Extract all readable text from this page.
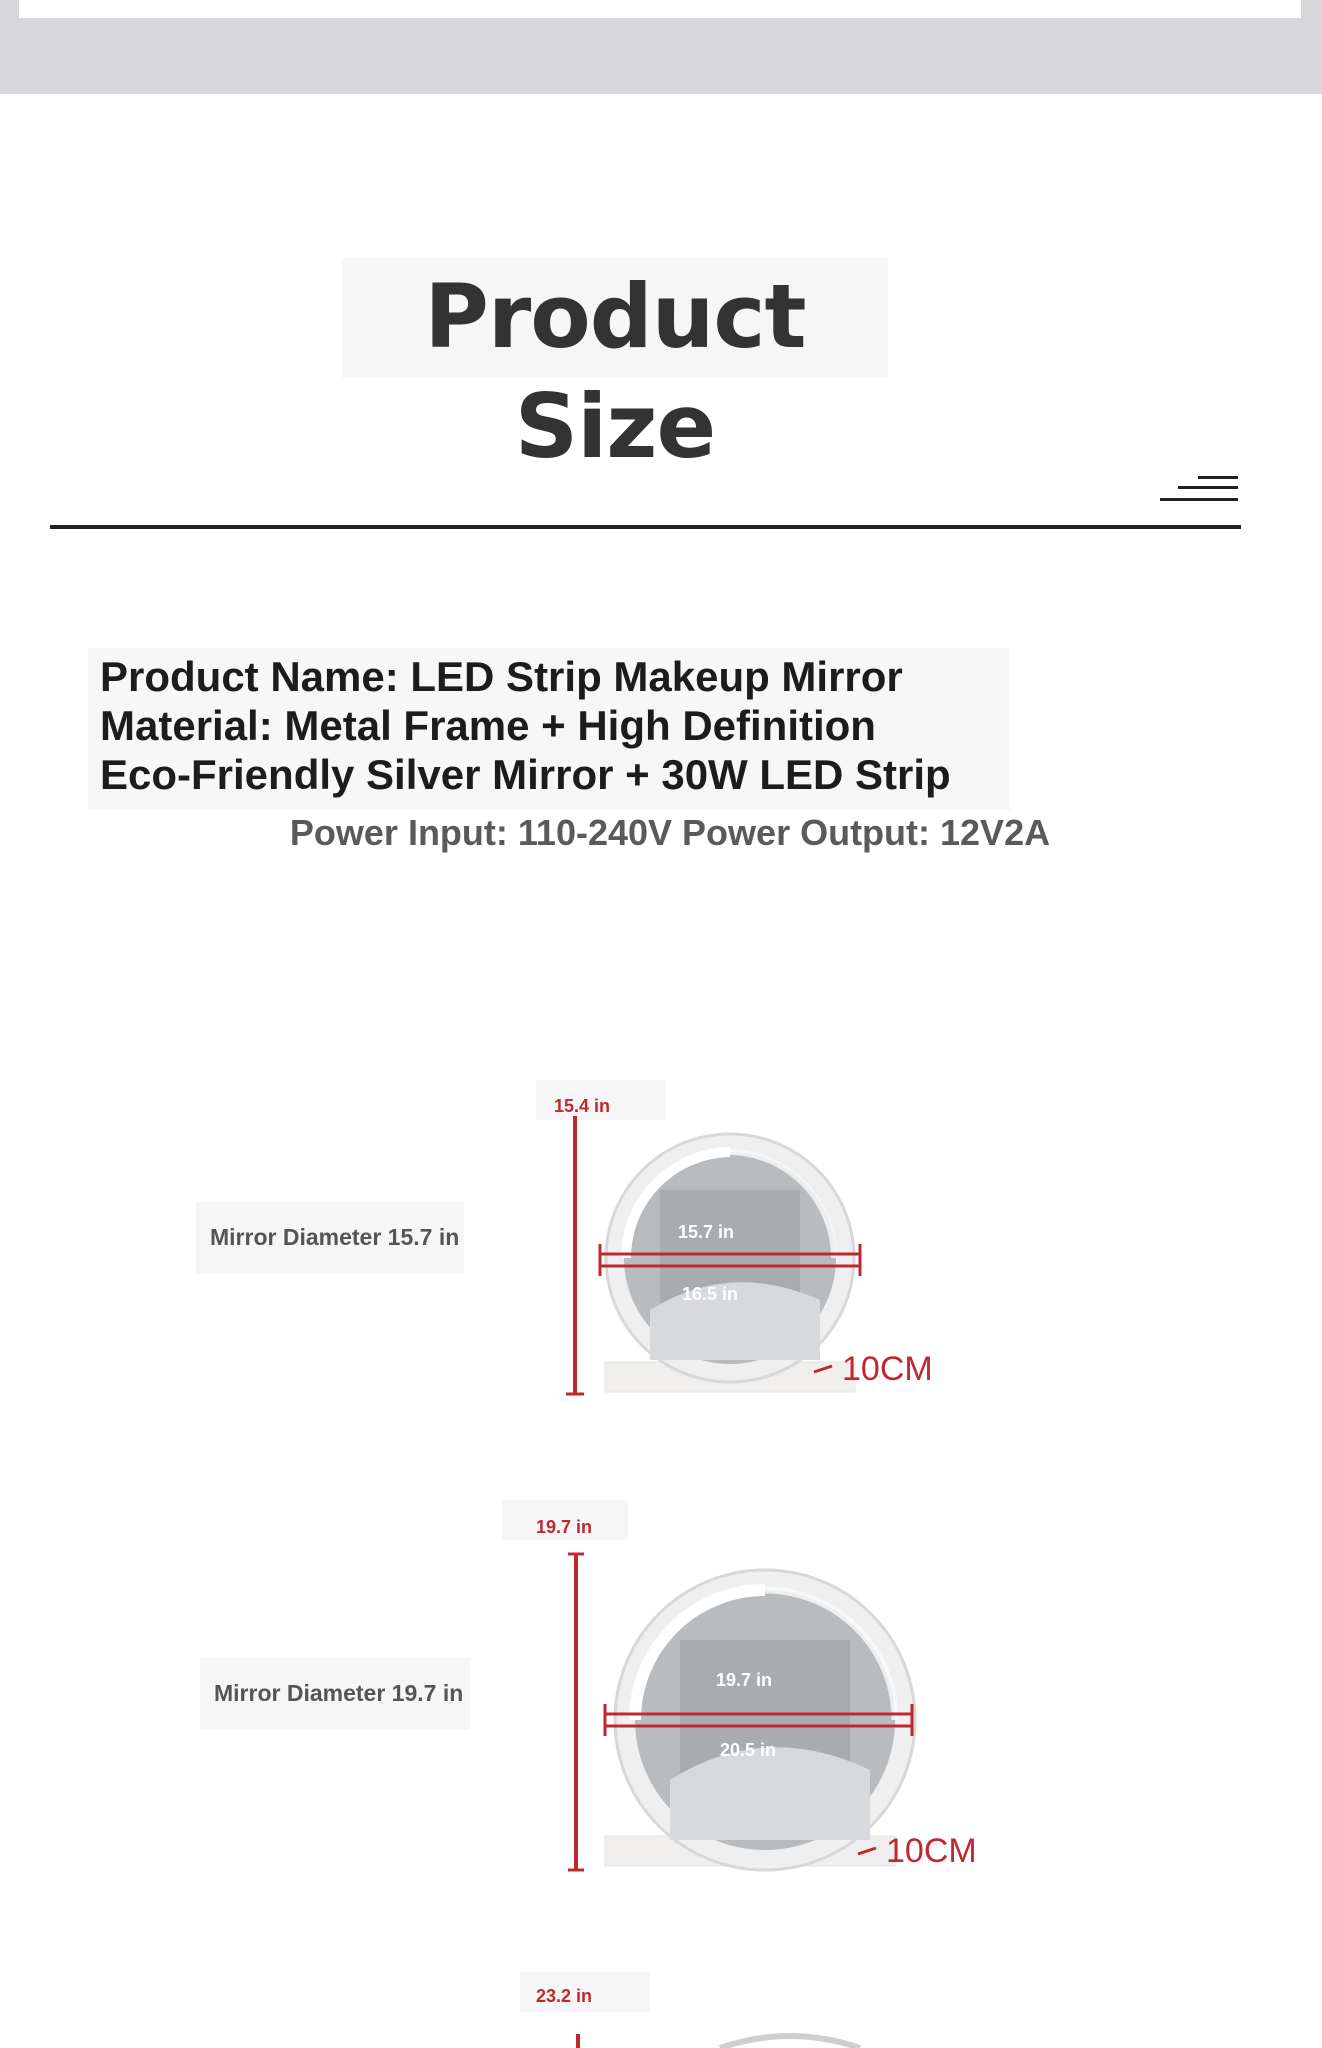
Product Size
Product Name: LED Strip Makeup Mirror
Material: Metal Frame + High Definition
Eco-Friendly Silver Mirror + 30W LED Strip
Power Input: 110-240V Power Output: 12V2A
Mirror Diameter 15.7 in
15.4 in
15.7 in
16.5 in
10CM
Mirror Diameter 19.7 in
19.7 in
19.7 in
20.5 in
10CM
23.2 in
